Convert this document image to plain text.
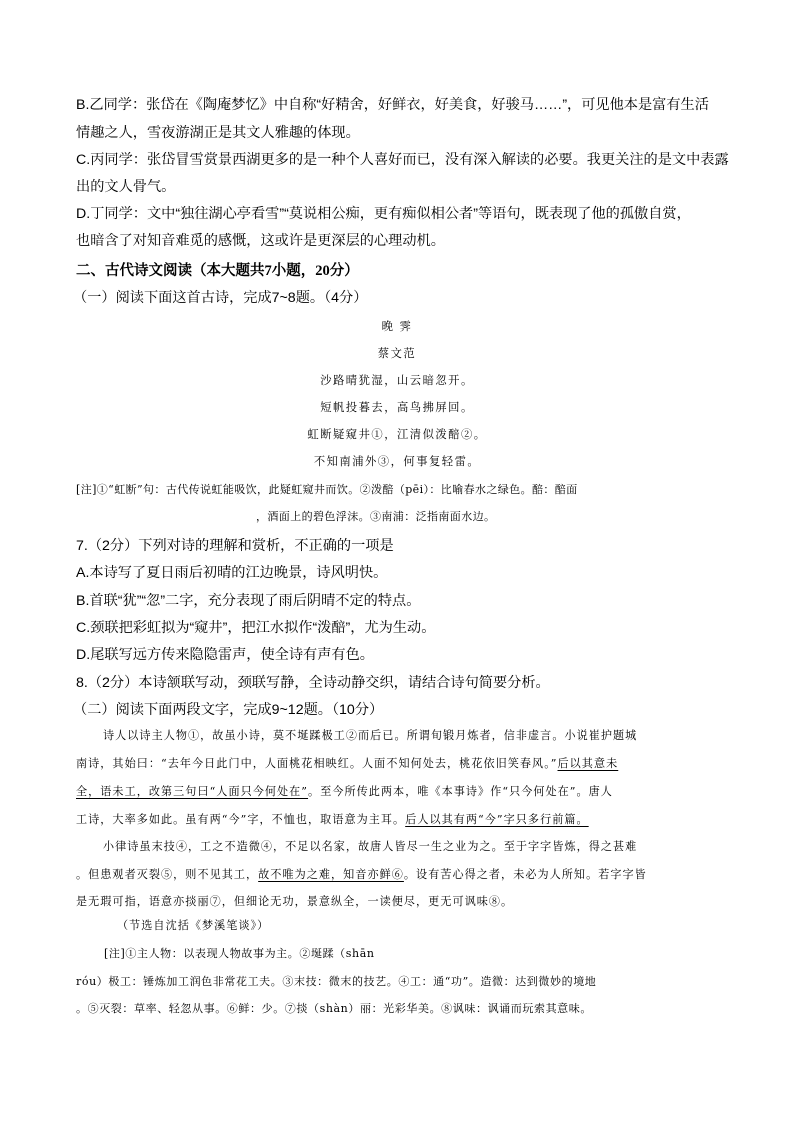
B.乙同学：张岱在《陶庵梦忆》中自称“好精舍，好鲜衣，好美食，好骏马……”，可见他本是富有生活
情趣之人，雪夜游湖正是其文人雅趣的体现。
C.丙同学：张岱冒雪赏景西湖更多的是一种个人喜好而已，没有深入解读的必要。我更关注的是文中表露
出的文人骨气。
D.丁同学：文中“独往湖心亭看雪”“莫说相公痴，更有痴似相公者”等语句，既表现了他的孤傲自赏，
也暗含了对知音难觅的感慨，这或许是更深层的心理动机。
二、古代诗文阅读（本大题共7小题，20分）
（一）阅读下面这首古诗，完成7~8题。（4分）
晚 霁
蔡文范
沙路晴犹湿，山云暗忽开。
短帆投暮去，高鸟拂屏回。
虹断疑窥井①，江清似泼醅②。
不知南浦外③，何事复轻雷。
[注]①“虹断”句：古代传说虹能吸饮，此疑虹窥井而饮。②泼醅（pēi）：比喻春水之绿色。醅：醅面
，酒面上的碧色浮沫。③南浦：泛指南面水边。
7.（2分）下列对诗的理解和赏析，不正确的一项是
A.本诗写了夏日雨后初晴的江边晚景，诗风明快。
B.首联“犹”“忽”二字，充分表现了雨后阴晴不定的特点。
C.颈联把彩虹拟为“窥井”，把江水拟作“泼醅”，尤为生动。
D.尾联写远方传来隐隐雷声，使全诗有声有色。
8.（2分）本诗颔联写动，颈联写静，全诗动静交织，请结合诗句简要分析。
（二）阅读下面两段文字，完成9~12题。（10分）
诗人以诗主人物①，故虽小诗，莫不埏蹂极工②而后已。所谓旬锻月炼者，信非虚言。小说崔护题城
南诗，其始曰：“去年今日此门中，人面桃花相映红。人面不知何处去，桃花依旧笑春风。”后以其意未
全，语未工，改第三句曰“人面只今何处在”。至今所传此两本，唯《本事诗》作“只今何处在”。唐人
工诗，大率多如此。虽有两“今”字，不恤也，取语意为主耳。后人以其有两“今”字只多行前篇。
小律诗虽末技④，工之不造微④，不足以名家，故唐人皆尽一生之业为之。至于字字皆炼，得之甚难
。但患观者灭裂⑤，则不见其工，故不唯为之难，知音亦鲜⑥。设有苦心得之者，未必为人所知。若字字皆
是无瑕可指，语意亦掞丽⑦，但细论无功，景意纵全，一读便尽，更无可讽味⑧。
（节选自沈括《梦溪笔谈》）
[注]①主人物：以表现人物故事为主。②埏蹂（shān
róu）极工：锤炼加工润色非常花工夫。③末技：微末的技艺。④工：通“功”。造微：达到微妙的境地
。⑤灭裂：草率、轻忽从事。⑥鲜：少。⑦掞（shàn）丽：光彩华美。⑧讽味：讽诵而玩索其意味。
